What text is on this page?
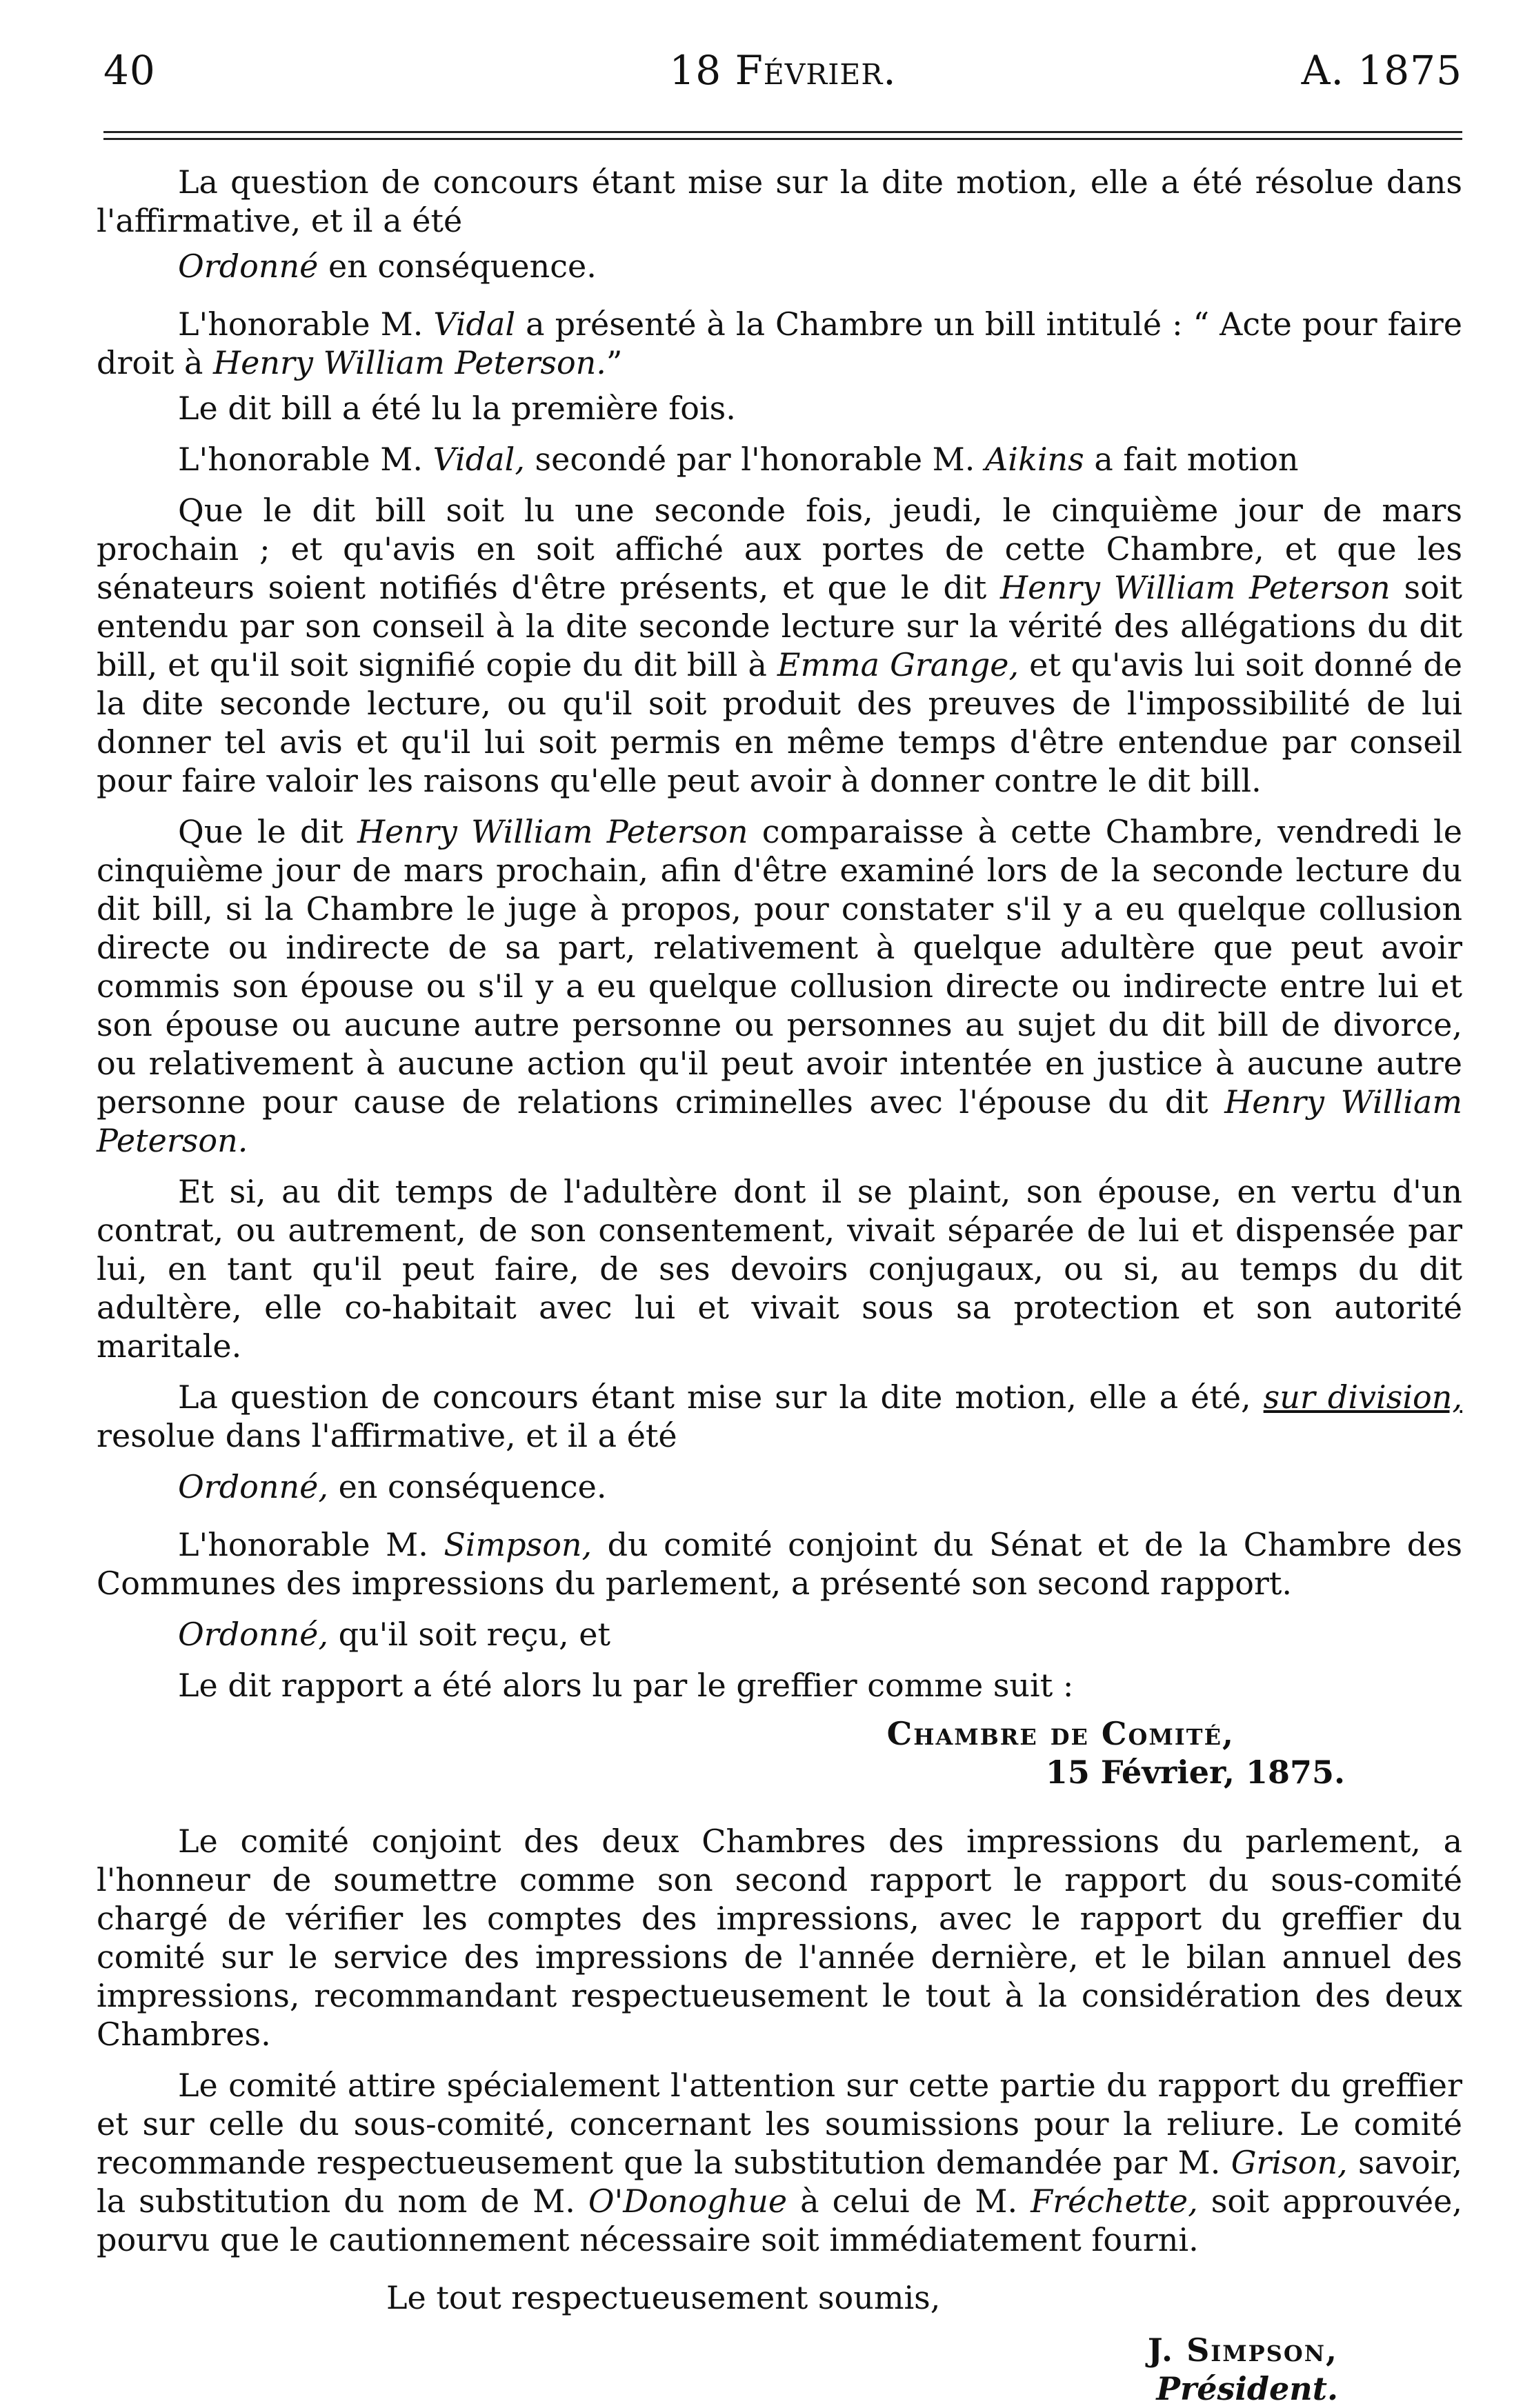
40	18 Février.	A. 1875

La question de concours étant mise sur la dite motion, elle a été résolue dans l'affirmative, et il a été

Ordonné en conséquence.

L'honorable M. Vidal a présenté à la Chambre un bill intitulé : “ Acte pour faire droit à Henry William Peterson.”

Le dit bill a été lu la première fois.

L'honorable M. Vidal, secondé par l'honorable M. Aikins a fait motion

Que le dit bill soit lu une seconde fois, jeudi, le cinquième jour de mars prochain ; et qu'avis en soit affiché aux portes de cette Chambre, et que les sénateurs soient notifiés d'être présents, et que le dit Henry William Peterson soit entendu par son conseil à la dite seconde lecture sur la vérité des allégations du dit bill, et qu'il soit signifié copie du dit bill à Emma Grange, et qu'avis lui soit donné de la dite seconde lecture, ou qu'il soit produit des preuves de l'impossibilité de lui donner tel avis et qu'il lui soit permis en même temps d'être entendue par conseil pour faire valoir les raisons qu'elle peut avoir à donner contre le dit bill.

Que le dit Henry William Peterson comparaisse à cette Chambre, vendredi le cinquième jour de mars prochain, afin d'être examiné lors de la seconde lecture du dit bill, si la Chambre le juge à propos, pour constater s'il y a eu quelque collusion directe ou indirecte de sa part, relativement à quelque adultère que peut avoir commis son épouse ou s'il y a eu quelque collusion directe ou indirecte entre lui et son épouse ou aucune autre personne ou personnes au sujet du dit bill de divorce, ou relativement à aucune action qu'il peut avoir intentée en justice à aucune autre personne pour cause de relations criminelles avec l'épouse du dit Henry William Peterson.

Et si, au dit temps de l'adultère dont il se plaint, son épouse, en vertu d'un contrat, ou autrement, de son consentement, vivait séparée de lui et dispensée par lui, en tant qu'il peut faire, de ses devoirs conjugaux, ou si, au temps du dit adultère, elle co-habitait avec lui et vivait sous sa protection et son autorité maritale.

La question de concours étant mise sur la dite motion, elle a été, sur division, resolue dans l'affirmative, et il a été

Ordonné, en conséquence.

L'honorable M. Simpson, du comité conjoint du Sénat et de la Chambre des Communes des impressions du parlement, a présenté son second rapport.

Ordonné, qu'il soit reçu, et

Le dit rapport a été alors lu par le greffier comme suit :

Chambre de Comité,

15 Février, 1875.

Le comité conjoint des deux Chambres des impressions du parlement, a l'honneur de soumettre comme son second rapport le rapport du sous-comité chargé de vérifier les comptes des impressions, avec le rapport du greffier du comité sur le service des impressions de l'année dernière, et le bilan annuel des impressions, recommandant respectueusement le tout à la considération des deux Chambres.

Le comité attire spécialement l'attention sur cette partie du rapport du greffier et sur celle du sous-comité, concernant les soumissions pour la reliure. Le comité recommande respectueusement que la substitution demandée par M. Grison, savoir, la substitution du nom de M. O'Donoghue à celui de M. Fréchette, soit approuvée, pourvu que le cautionnement nécessaire soit immédiatement fourni.

Le tout respectueusement soumis,

J. Simpson,

Président.
